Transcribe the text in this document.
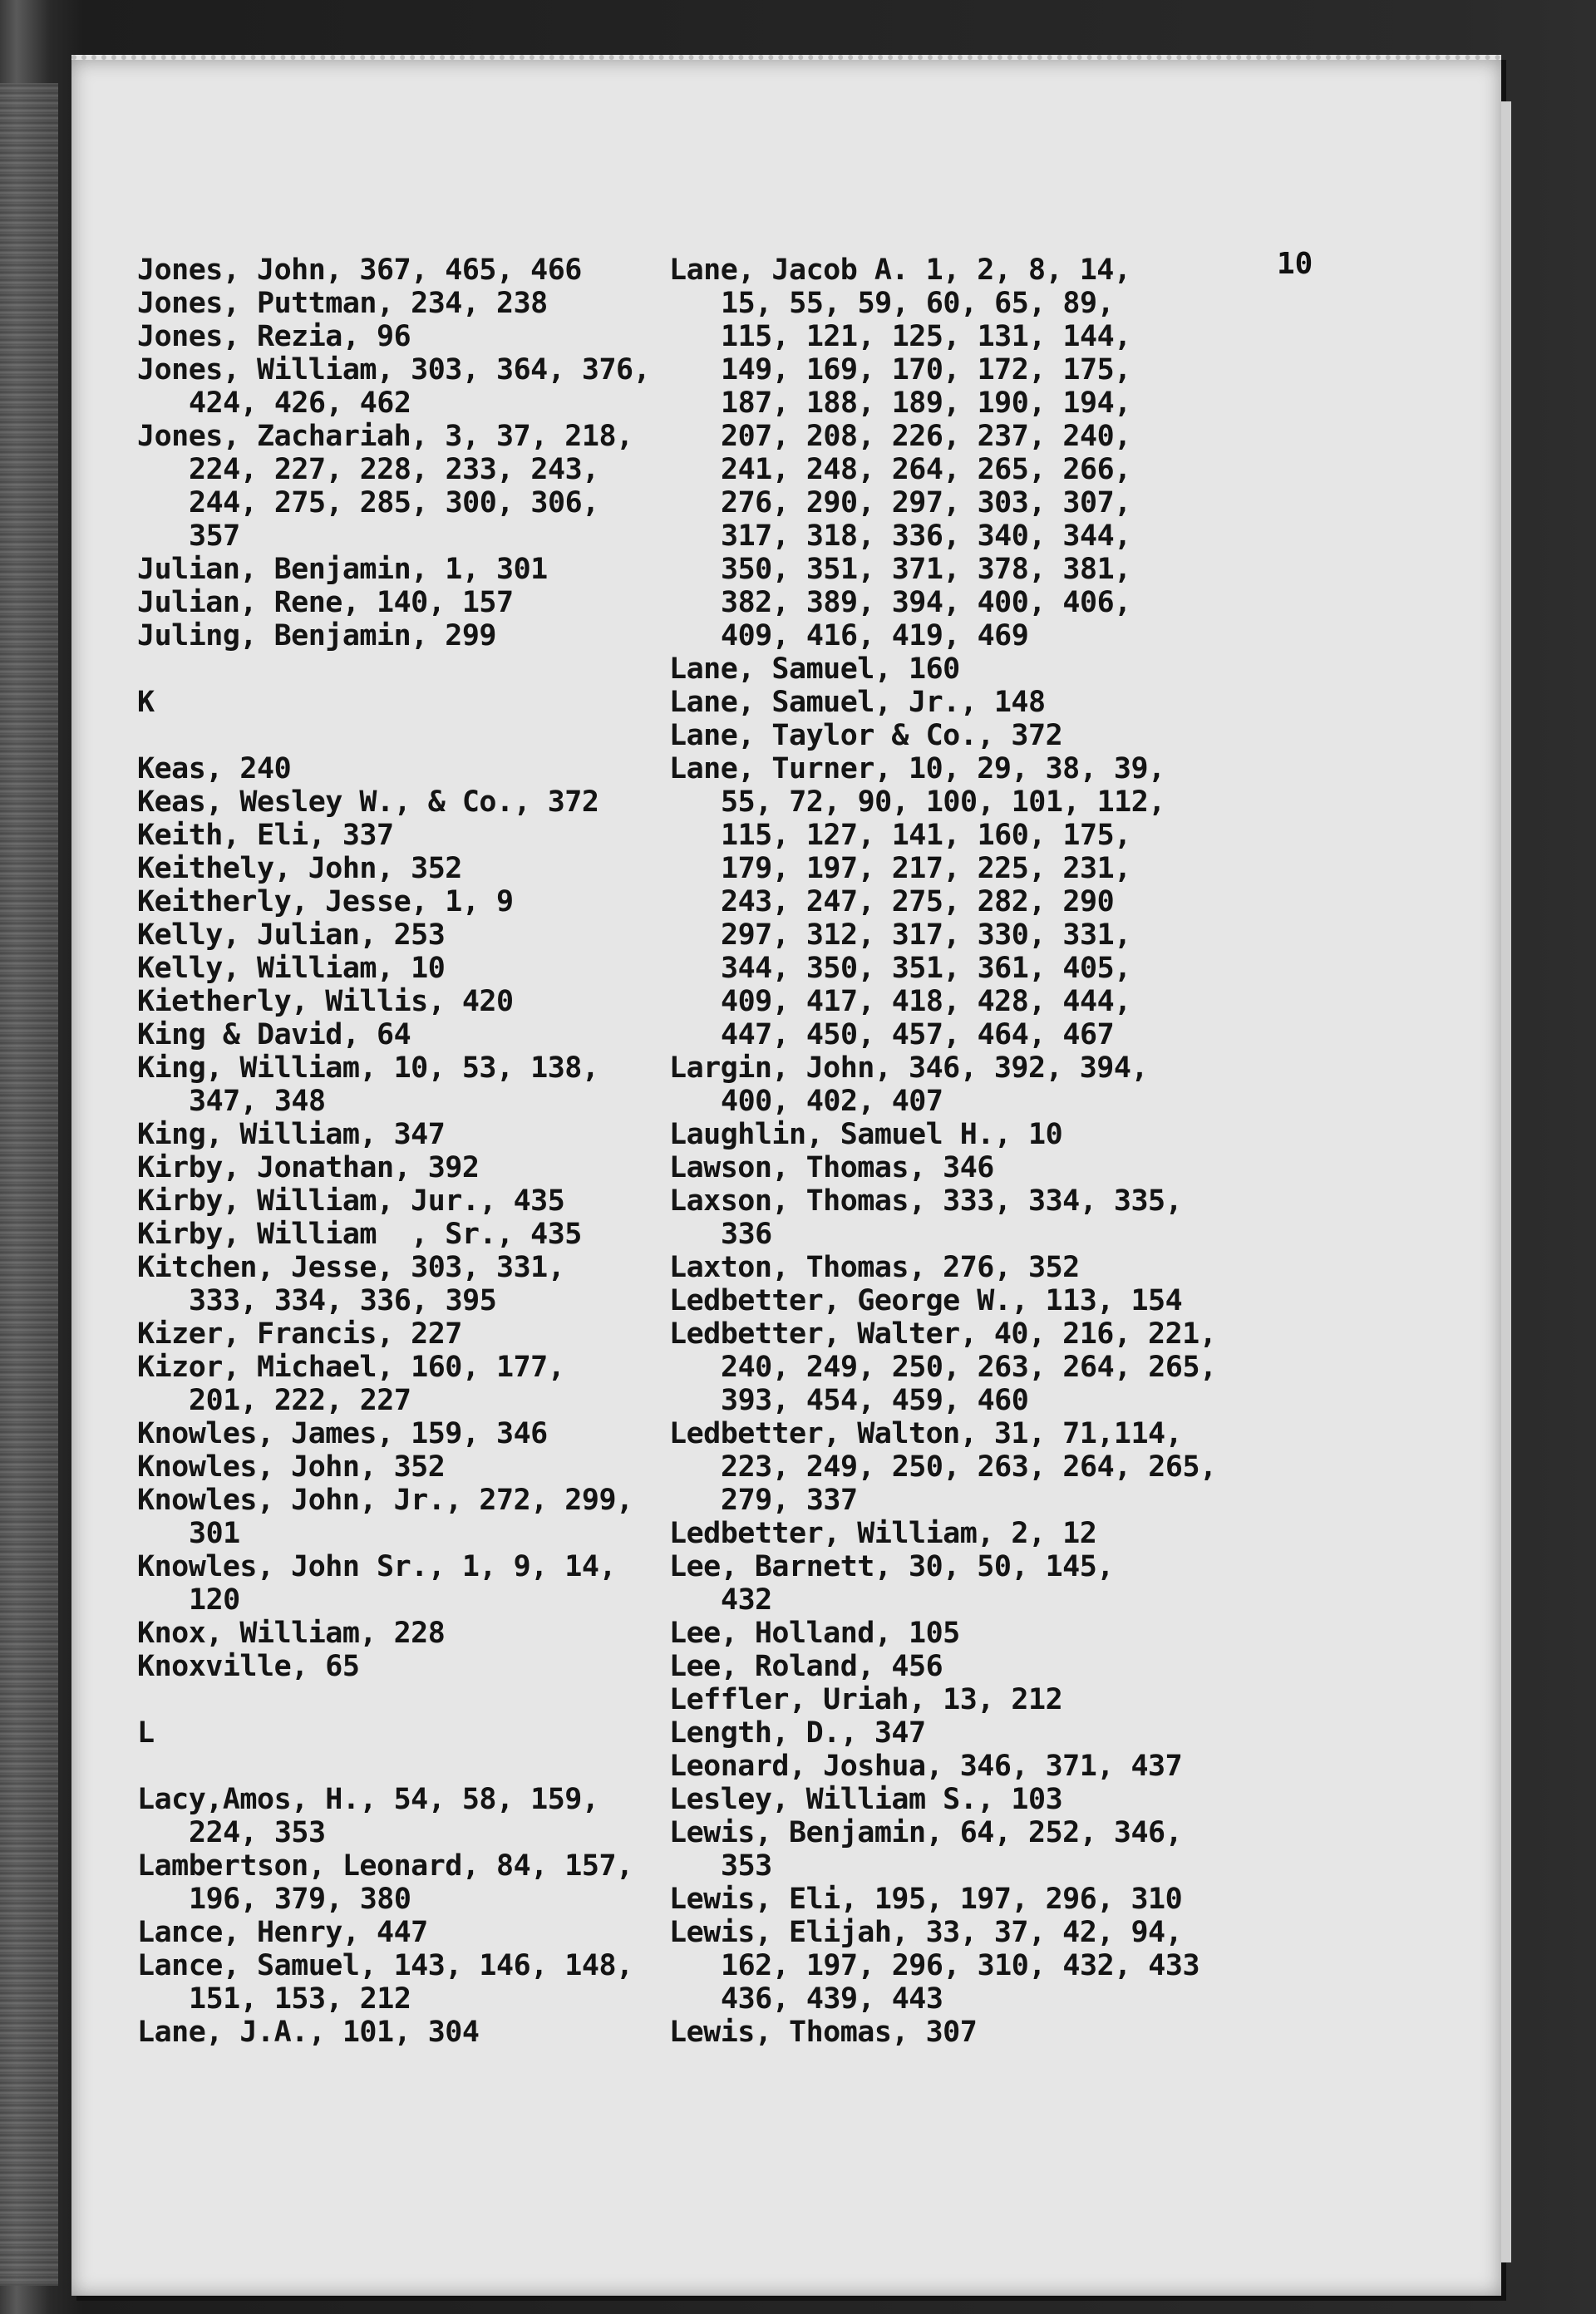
10
Jones, John, 367, 465, 466
Jones, Puttman, 234, 238
Jones, Rezia, 96
Jones, William, 303, 364, 376,
424, 426, 462
Jones, Zachariah, 3, 37, 218,
224, 227, 228, 233, 243,
244, 275, 285, 300, 306,
357
Julian, Benjamin, 1, 301
Julian, Rene, 140, 157
Juling, Benjamin, 299
K
Keas, 240
Keas, Wesley W., & Co., 372
Keith, Eli, 337
Keithely, John, 352
Keitherly, Jesse, 1, 9
Kelly, Julian, 253
Kelly, William, 10
Kietherly, Willis, 420
King & David, 64
King, William, 10, 53, 138,
347, 348
King, William, 347
Kirby, Jonathan, 392
Kirby, William, Jur., 435
Kirby, William  , Sr., 435
Kitchen, Jesse, 303, 331,
333, 334, 336, 395
Kizer, Francis, 227
Kizor, Michael, 160, 177,
201, 222, 227
Knowles, James, 159, 346
Knowles, John, 352
Knowles, John, Jr., 272, 299,
301
Knowles, John Sr., 1, 9, 14,
120
Knox, William, 228
Knoxville, 65
L
Lacy,Amos, H., 54, 58, 159,
224, 353
Lambertson, Leonard, 84, 157,
196, 379, 380
Lance, Henry, 447
Lance, Samuel, 143, 146, 148,
151, 153, 212
Lane, J.A., 101, 304
Lane, Jacob A. 1, 2, 8, 14,
15, 55, 59, 60, 65, 89,
115, 121, 125, 131, 144,
149, 169, 170, 172, 175,
187, 188, 189, 190, 194,
207, 208, 226, 237, 240,
241, 248, 264, 265, 266,
276, 290, 297, 303, 307,
317, 318, 336, 340, 344,
350, 351, 371, 378, 381,
382, 389, 394, 400, 406,
409, 416, 419, 469
Lane, Samuel, 160
Lane, Samuel, Jr., 148
Lane, Taylor & Co., 372
Lane, Turner, 10, 29, 38, 39,
55, 72, 90, 100, 101, 112,
115, 127, 141, 160, 175,
179, 197, 217, 225, 231,
243, 247, 275, 282, 290
297, 312, 317, 330, 331,
344, 350, 351, 361, 405,
409, 417, 418, 428, 444,
447, 450, 457, 464, 467
Largin, John, 346, 392, 394,
400, 402, 407
Laughlin, Samuel H., 10
Lawson, Thomas, 346
Laxson, Thomas, 333, 334, 335,
336
Laxton, Thomas, 276, 352
Ledbetter, George W., 113, 154
Ledbetter, Walter, 40, 216, 221,
240, 249, 250, 263, 264, 265,
393, 454, 459, 460
Ledbetter, Walton, 31, 71,114,
223, 249, 250, 263, 264, 265,
279, 337
Ledbetter, William, 2, 12
Lee, Barnett, 30, 50, 145,
432
Lee, Holland, 105
Lee, Roland, 456
Leffler, Uriah, 13, 212
Length, D., 347
Leonard, Joshua, 346, 371, 437
Lesley, William S., 103
Lewis, Benjamin, 64, 252, 346,
353
Lewis, Eli, 195, 197, 296, 310
Lewis, Elijah, 33, 37, 42, 94,
162, 197, 296, 310, 432, 433
436, 439, 443
Lewis, Thomas, 307
